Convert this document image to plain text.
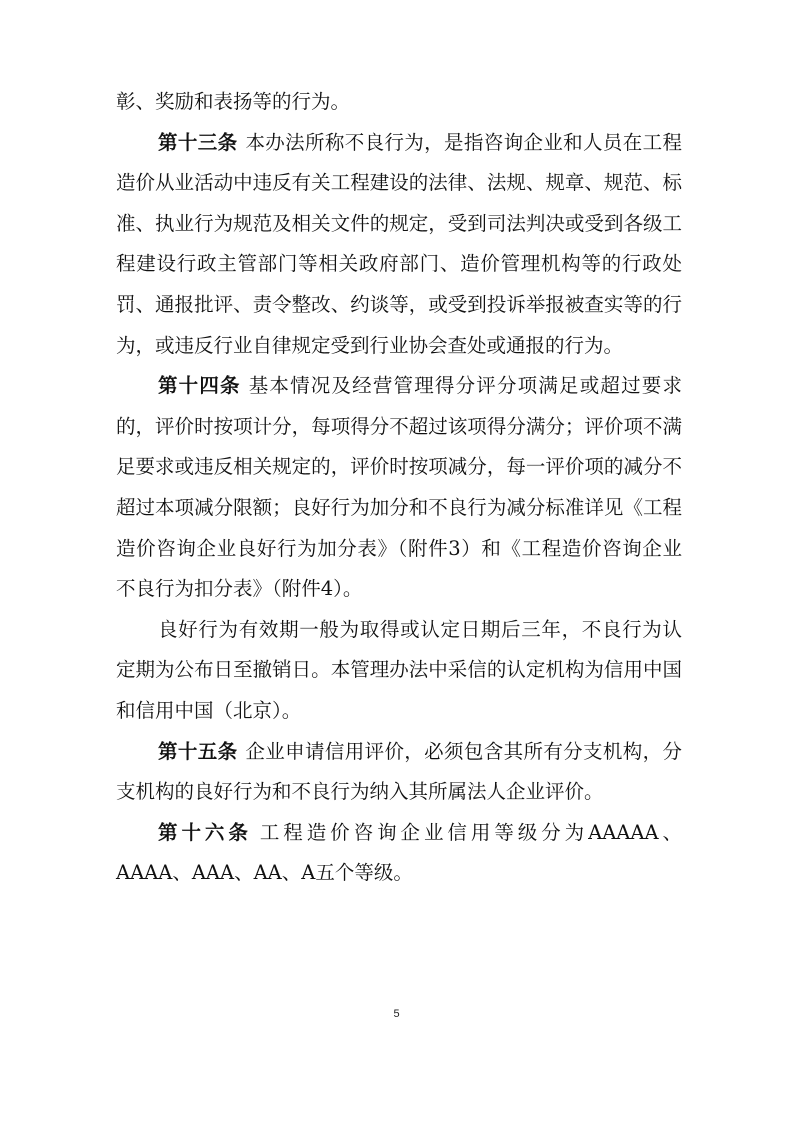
彰、奖励和表扬等的行为。

第十三条 本办法所称不良行为，是指咨询企业和人员在工程造价从业活动中违反有关工程建设的法律、法规、规章、规范、标准、执业行为规范及相关文件的规定，受到司法判决或受到各级工程建设行政主管部门等相关政府部门、造价管理机构等的行政处罚、通报批评、责令整改、约谈等，或受到投诉举报被查实等的行为，或违反行业自律规定受到行业协会查处或通报的行为。

第十四条 基本情况及经营管理得分评分项满足或超过要求的，评价时按项计分，每项得分不超过该项得分满分；评价项不满足要求或违反相关规定的，评价时按项减分，每一评价项的减分不超过本项减分限额；良好行为加分和不良行为减分标准详见《工程造价咨询企业良好行为加分表》（附件3）和《工程造价咨询企业不良行为扣分表》（附件4）。

良好行为有效期一般为取得或认定日期后三年，不良行为认定期为公布日至撤销日。本管理办法中采信的认定机构为信用中国和信用中国（北京）。

第十五条 企业申请信用评价，必须包含其所有分支机构，分支机构的良好行为和不良行为纳入其所属法人企业评价。

第十六条 工程造价咨询企业信用等级分为AAAAA、AAAA、AAA、AA、A五个等级。

5
